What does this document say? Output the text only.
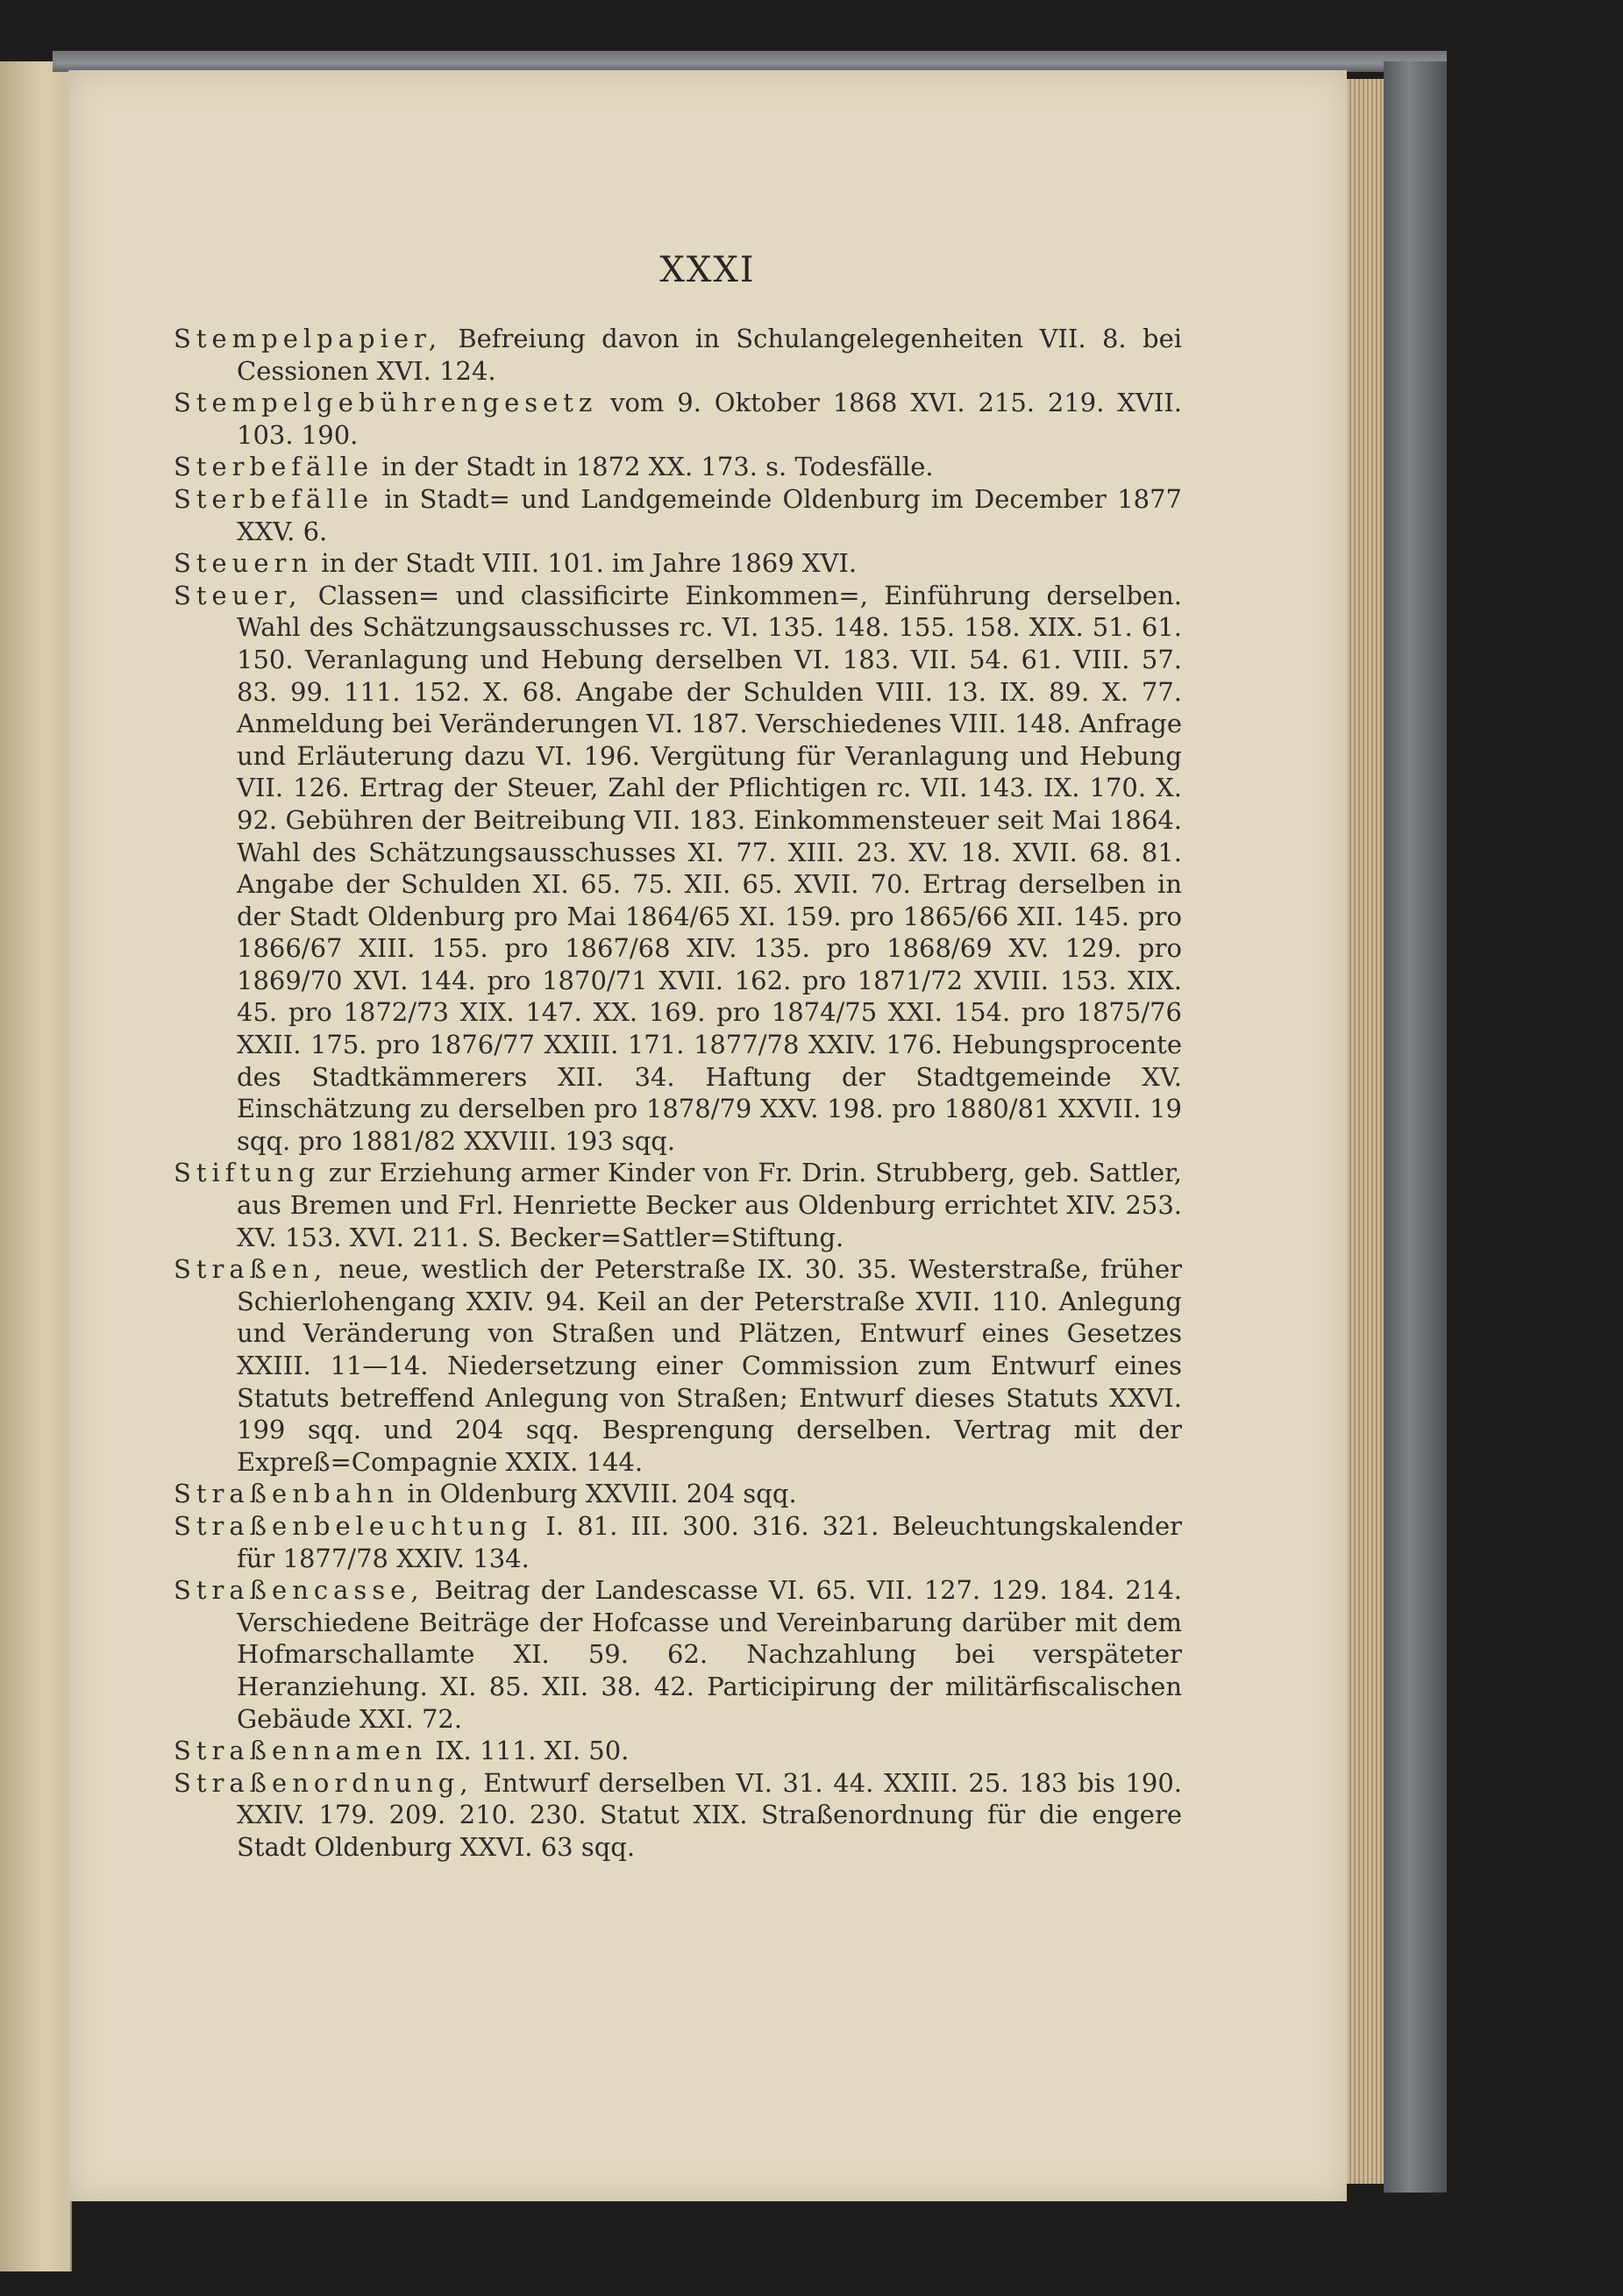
XXXI
Stempelpapier, Befreiung davon in Schulangelegenheiten VII. 8. bei Cessionen XVI. 124.
Stempelgebührengesetz vom 9. Oktober 1868 XVI. 215. 219. XVII. 103. 190.
Sterbefälle in der Stadt in 1872 XX. 173. s. Todesfälle.
Sterbefälle in Stadt= und Landgemeinde Oldenburg im December 1877 XXV. 6.
Steuern in der Stadt VIII. 101. im Jahre 1869 XVI.
Steuer, Classen= und classificirte Einkommen=, Einführung derselben. Wahl des Schätzungsausschusses rc. VI. 135. 148. 155. 158. XIX. 51. 61. 150. Veranlagung und Hebung derselben VI. 183. VII. 54. 61. VIII. 57. 83. 99. 111. 152. X. 68. Angabe der Schulden VIII. 13. IX. 89. X. 77. Anmeldung bei Veränderungen VI. 187. Verschiedenes VIII. 148. Anfrage und Erläuterung dazu VI. 196. Vergütung für Veranlagung und Hebung VII. 126. Ertrag der Steuer, Zahl der Pflichtigen rc. VII. 143. IX. 170. X. 92. Gebühren der Beitreibung VII. 183. Einkommensteuer seit Mai 1864. Wahl des Schätzungsausschusses XI. 77. XIII. 23. XV. 18. XVII. 68. 81. Angabe der Schulden XI. 65. 75. XII. 65. XVII. 70. Ertrag derselben in der Stadt Oldenburg pro Mai 1864/65 XI. 159. pro 1865/66 XII. 145. pro 1866/67 XIII. 155. pro 1867/68 XIV. 135. pro 1868/69 XV. 129. pro 1869/70 XVI. 144. pro 1870/71 XVII. 162. pro 1871/72 XVIII. 153. XIX. 45. pro 1872/73 XIX. 147. XX. 169. pro 1874/75 XXI. 154. pro 1875/76 XXII. 175. pro 1876/77 XXIII. 171. 1877/78 XXIV. 176. Hebungsprocente des Stadtkämmerers XII. 34. Haftung der Stadtgemeinde XV. Einschätzung zu derselben pro 1878/79 XXV. 198. pro 1880/81 XXVII. 19 sqq. pro 1881/82 XXVIII. 193 sqq.
Stiftung zur Erziehung armer Kinder von Fr. Drin. Strubberg, geb. Sattler, aus Bremen und Frl. Henriette Becker aus Oldenburg errichtet XIV. 253. XV. 153. XVI. 211. S. Becker=Sattler=Stiftung.
Straßen, neue, westlich der Peterstraße IX. 30. 35. Westerstraße, früher Schierlohengang XXIV. 94. Keil an der Peterstraße XVII. 110. Anlegung und Veränderung von Straßen und Plätzen, Entwurf eines Gesetzes XXIII. 11—14. Niedersetzung einer Commission zum Entwurf eines Statuts betreffend Anlegung von Straßen; Entwurf dieses Statuts XXVI. 199 sqq. und 204 sqq. Besprengung derselben. Vertrag mit der Expreß=Compagnie XXIX. 144.
Straßenbahn in Oldenburg XXVIII. 204 sqq.
Straßenbeleuchtung I. 81. III. 300. 316. 321. Beleuchtungskalender für 1877/78 XXIV. 134.
Straßencasse, Beitrag der Landescasse VI. 65. VII. 127. 129. 184. 214. Verschiedene Beiträge der Hofcasse und Vereinbarung darüber mit dem Hofmarschallamte XI. 59. 62. Nachzahlung bei verspäteter Heranziehung. XI. 85. XII. 38. 42. Participirung der militärfiscalischen Gebäude XXI. 72.
Straßennamen IX. 111. XI. 50.
Straßenordnung, Entwurf derselben VI. 31. 44. XXIII. 25. 183 bis 190. XXIV. 179. 209. 210. 230. Statut XIX. Straßenordnung für die engere Stadt Oldenburg XXVI. 63 sqq.
